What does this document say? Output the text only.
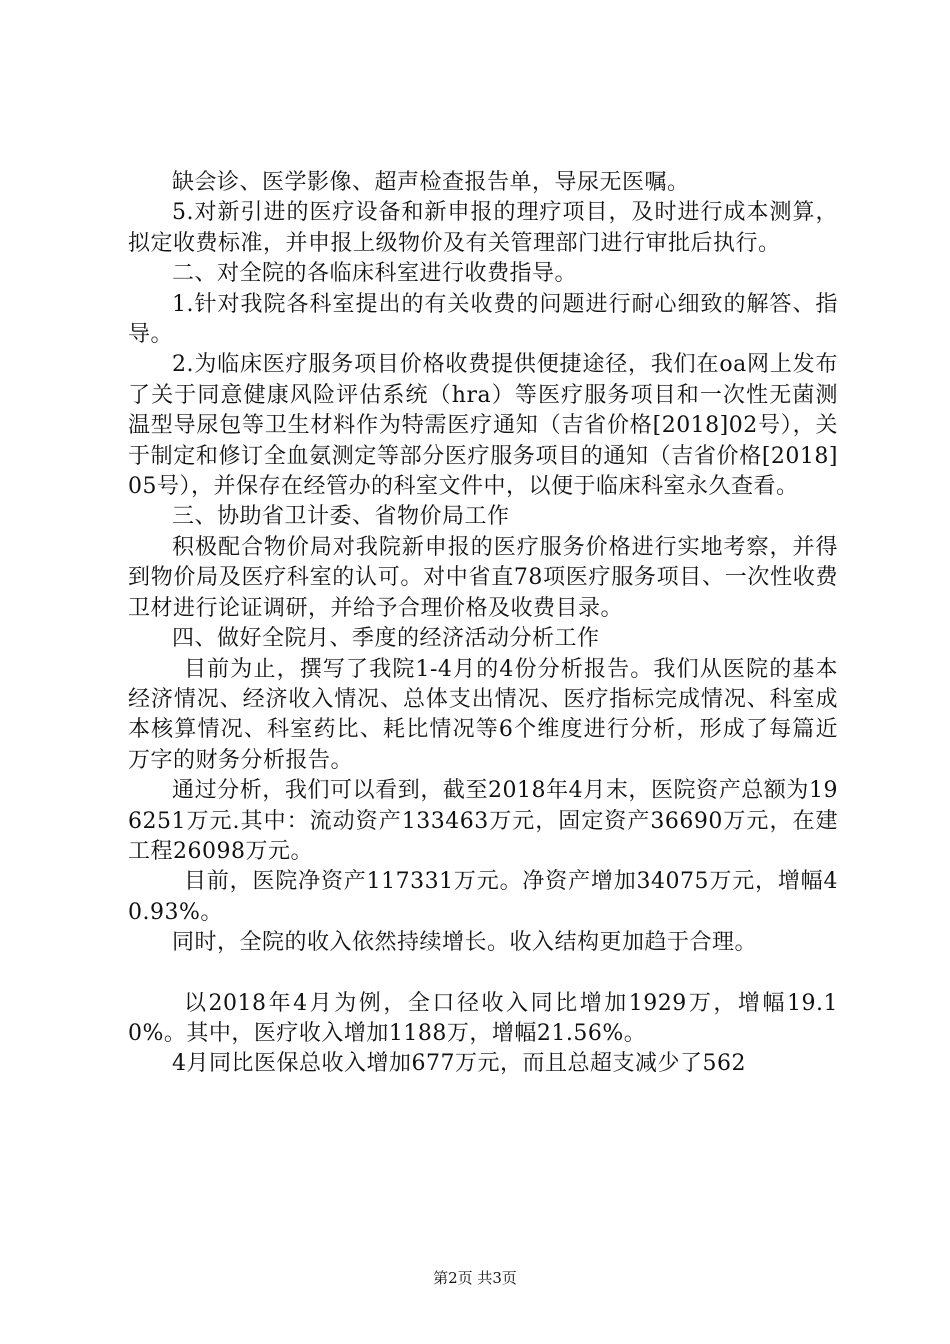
缺会诊、医学影像、超声检查报告单，导尿无医嘱。

5.对新引进的医疗设备和新申报的理疗项目，及时进行成本测算，拟定收费标准，并申报上级物价及有关管理部门进行审批后执行。

二、对全院的各临床科室进行收费指导。

1.针对我院各科室提出的有关收费的问题进行耐心细致的解答、指导。

2.为临床医疗服务项目价格收费提供便捷途径，我们在oa网上发布了关于同意健康风险评估系统（hra）等医疗服务项目和一次性无菌测温型导尿包等卫生材料作为特需医疗通知（吉省价格[2018]02号），关于制定和修订全血氨测定等部分医疗服务项目的通知（吉省价格[2018]05号），并保存在经管办的科室文件中，以便于临床科室永久查看。

三、协助省卫计委、省物价局工作

积极配合物价局对我院新申报的医疗服务价格进行实地考察，并得到物价局及医疗科室的认可。对中省直78项医疗服务项目、一次性收费卫材进行论证调研，并给予合理价格及收费目录。

四、做好全院月、季度的经济活动分析工作

目前为止，撰写了我院1-4月的4份分析报告。我们从医院的基本经济情况、经济收入情况、总体支出情况、医疗指标完成情况、科室成本核算情况、科室药比、耗比情况等6个维度进行分析，形成了每篇近万字的财务分析报告。

通过分析，我们可以看到，截至2018年4月末，医院资产总额为196251万元.其中：流动资产133463万元，固定资产36690万元，在建工程26098万元。

目前，医院净资产117331万元。净资产增加34075万元，增幅40.93%。

同时，全院的收入依然持续增长。收入结构更加趋于合理。

以2018年4月为例，全口径收入同比增加1929万，增幅19.10%。其中，医疗收入增加1188万，增幅21.56%。

4月同比医保总收入增加677万元，而且总超支减少了562

第2页 共3页
